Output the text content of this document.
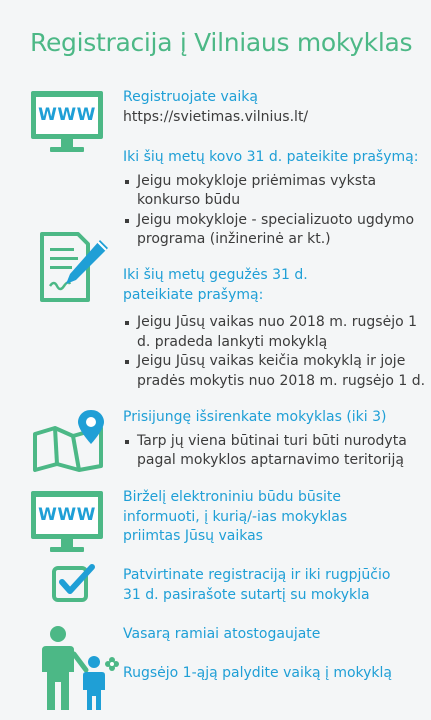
Registracija į Vilniaus mokyklas
WWW
Registruojate vaiką
https://svietimas.vilnius.lt/
Iki šių metų kovo 31 d. pateikite prašymą:
Jeigu mokykloje priėmimas vyksta
konkurso būdu
Jeigu mokykloje - specializuoto ugdymo
programa (inžinerinė ar kt.)
Iki šių metų gegužės 31 d.
pateikiate prašymą:
Jeigu Jūsų vaikas nuo 2018 m. rugsėjo 1
d. pradeda lankyti mokyklą
Jeigu Jūsų vaikas keičia mokyklą ir joje
pradės mokytis nuo 2018 m. rugsėjo 1 d.
Prisijungę išsirenkate mokyklas (iki 3)
Tarp jų viena būtinai turi būti nurodyta
pagal mokyklos aptarnavimo teritoriją
WWW
Birželį elektroniniu būdu būsite
informuoti, į kurią/-ias mokyklas
priimtas Jūsų vaikas
Patvirtinate registraciją ir iki rugpjūčio
31 d. pasirašote sutartį su mokykla
Vasarą ramiai atostogaujate
Rugsėjo 1-ąją palydite vaiką į mokyklą
